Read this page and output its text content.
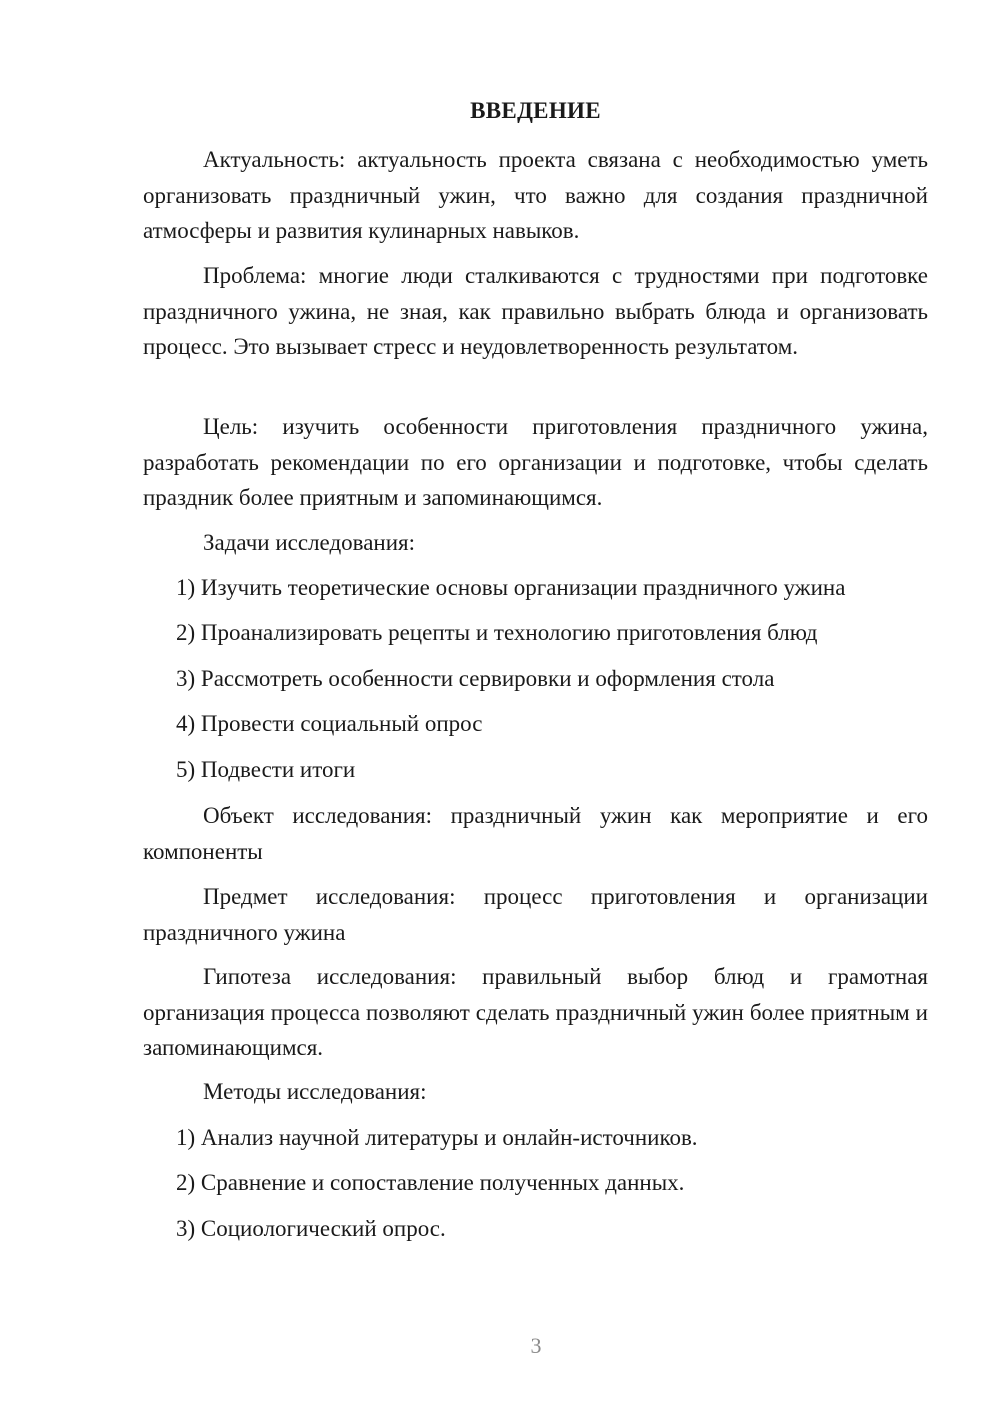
ВВЕДЕНИЕ

Актуальность: актуальность проекта связана с необходимостью уметь организовать праздничный ужин, что важно для создания праздничной атмосферы и развития кулинарных навыков.

Проблема: многие люди сталкиваются с трудностями при подготовке праздничного ужина, не зная, как правильно выбрать блюда и организовать процесс. Это вызывает стресс и неудовлетворенность результатом.

Цель: изучить особенности приготовления праздничного ужина, разработать рекомендации по его организации и подготовке, чтобы сделать праздник более приятным и запоминающимся.

Задачи исследования:

1) Изучить теоретические основы организации праздничного ужина

2) Проанализировать рецепты и технологию приготовления блюд

3) Рассмотреть особенности сервировки и оформления стола

4) Провести социальный опрос

5) Подвести итоги

Объект исследования: праздничный ужин как мероприятие и его компоненты

Предмет исследования: процесс приготовления и организации праздничного ужина

Гипотеза исследования: правильный выбор блюд и грамотная организация процесса позволяют сделать праздничный ужин более приятным и запоминающимся.

Методы исследования:

1) Анализ научной литературы и онлайн-источников.

2) Сравнение и сопоставление полученных данных.

3) Социологический опрос.

3
